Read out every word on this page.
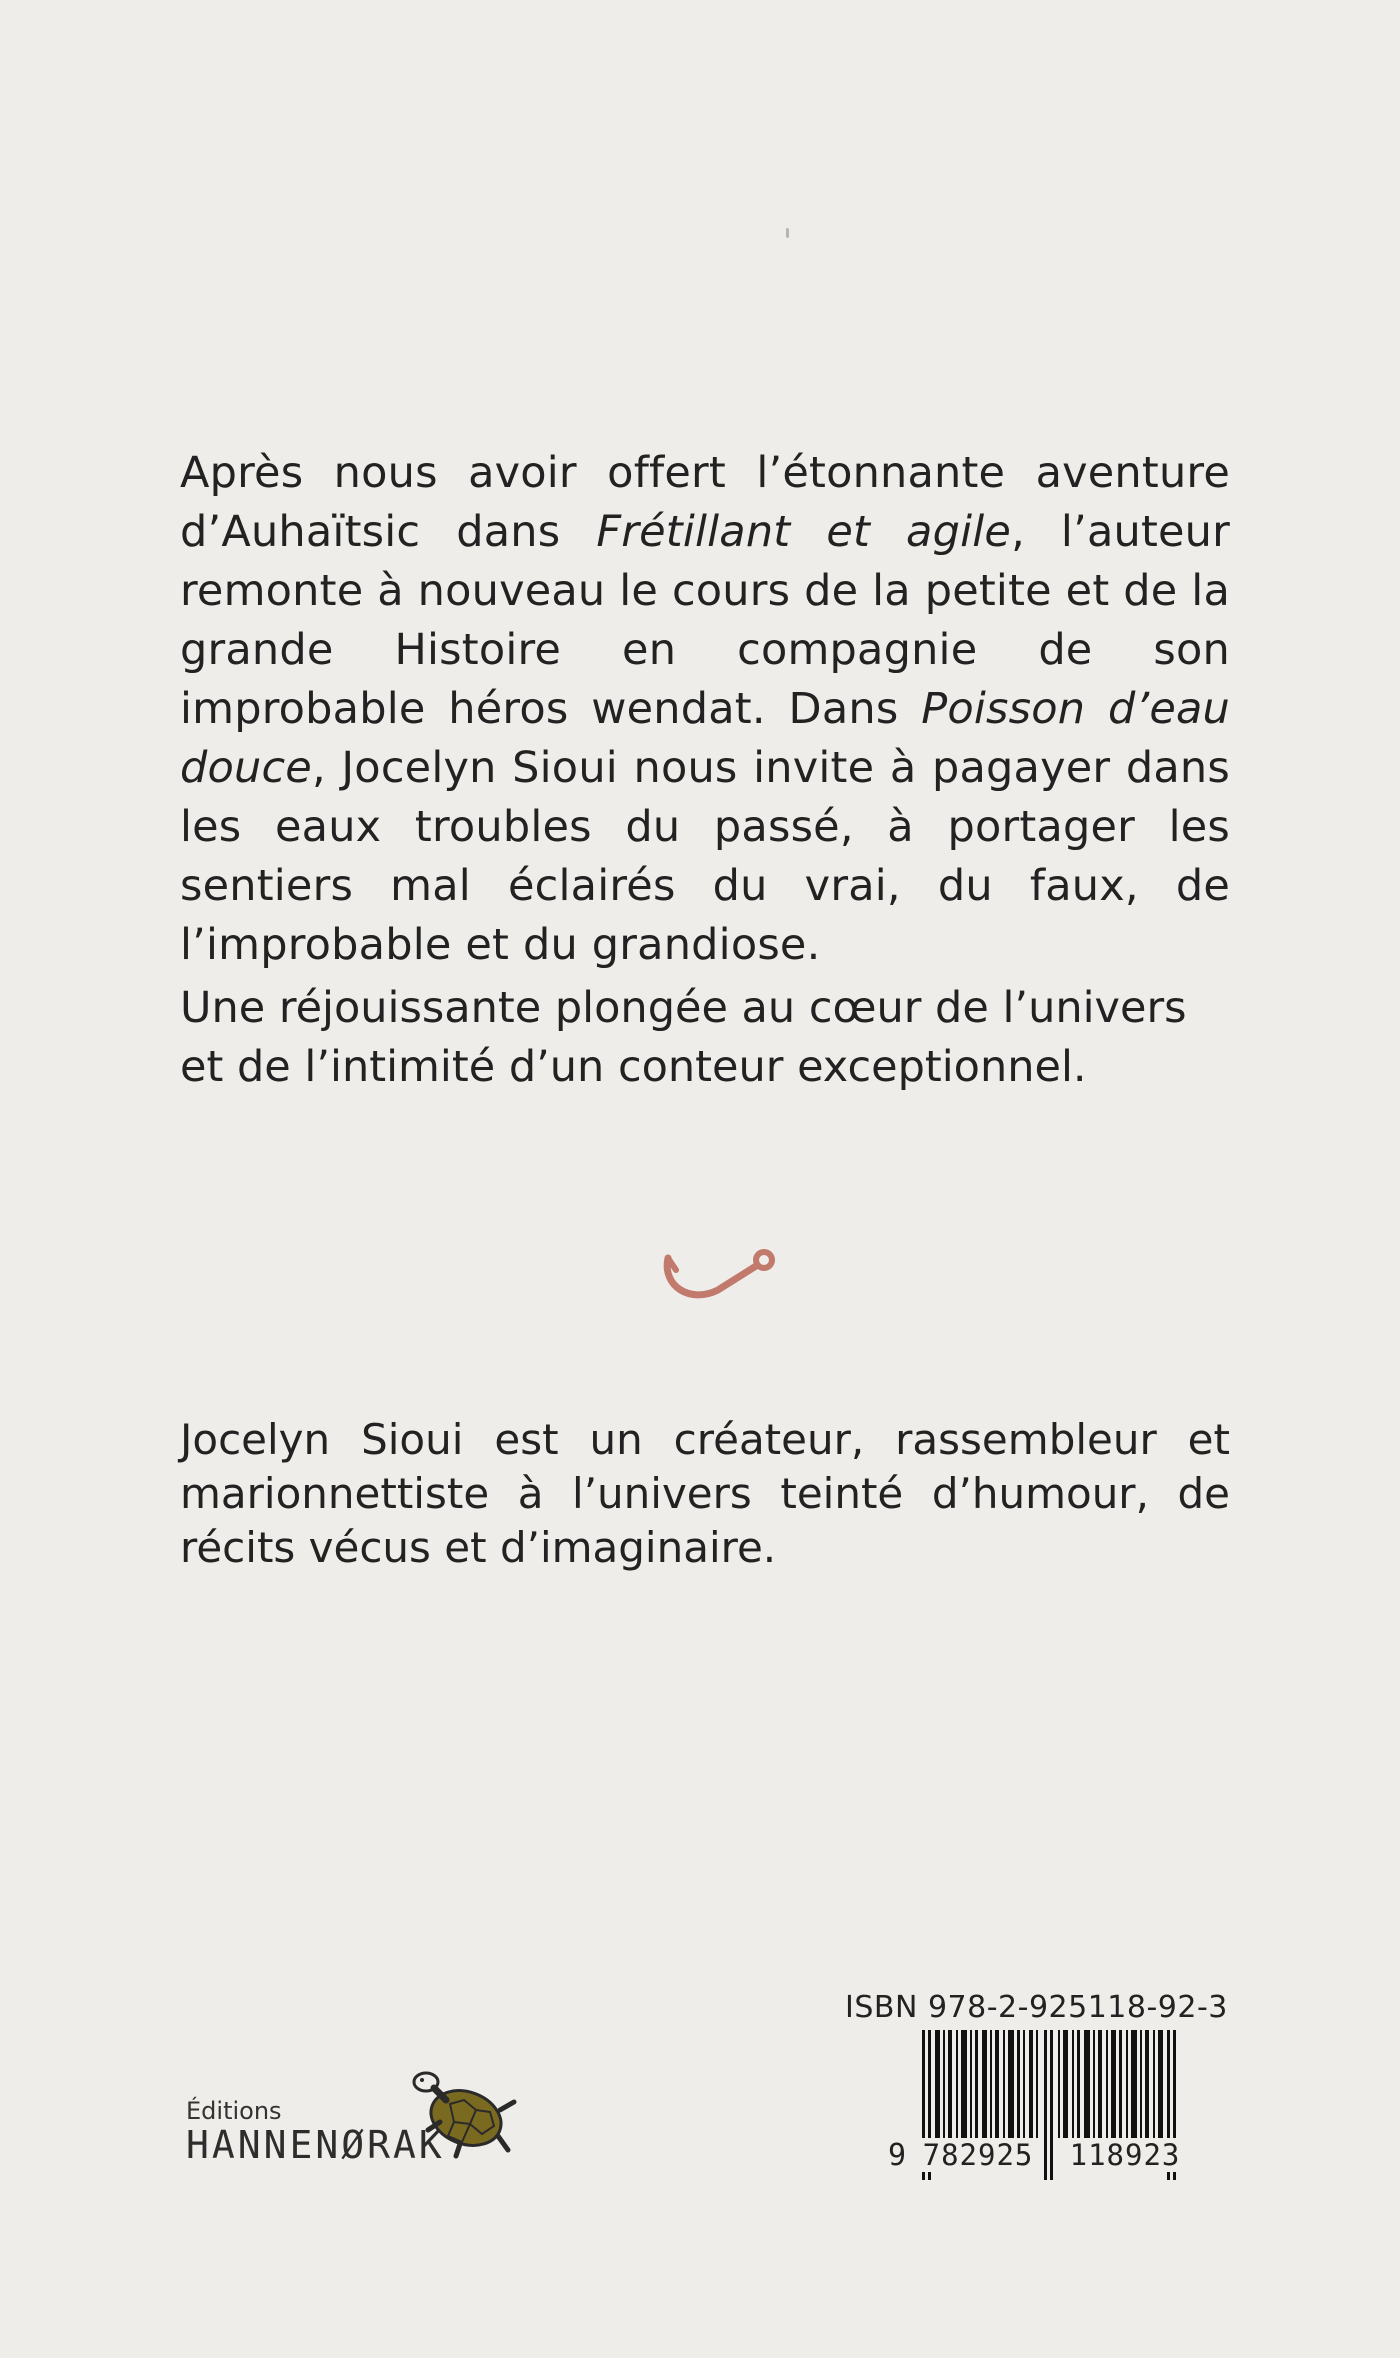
Après nous avoir offert l’étonnante aventure d’Auhaïtsic dans Frétillant et agile, l’auteur remonte à nouveau le cours de la petite et de la grande Histoire en compagnie de son improbable héros wendat. Dans Poisson d’eau douce, Jocelyn Sioui nous invite à pagayer dans les eaux troubles du passé, à portager les sentiers mal éclairés du vrai, du faux, de l’improbable et du grandiose.

Une réjouissante plongée au cœur de l’univers et de l’intimité d’un conteur exceptionnel.

Jocelyn Sioui est un créateur, rassembleur et marionnettiste à l’univers teinté d’humour, de récits vécus et d’imaginaire.

ISBN 978-2-925118-92-3
9 782925	118923
Éditions
HANNENØRAK
